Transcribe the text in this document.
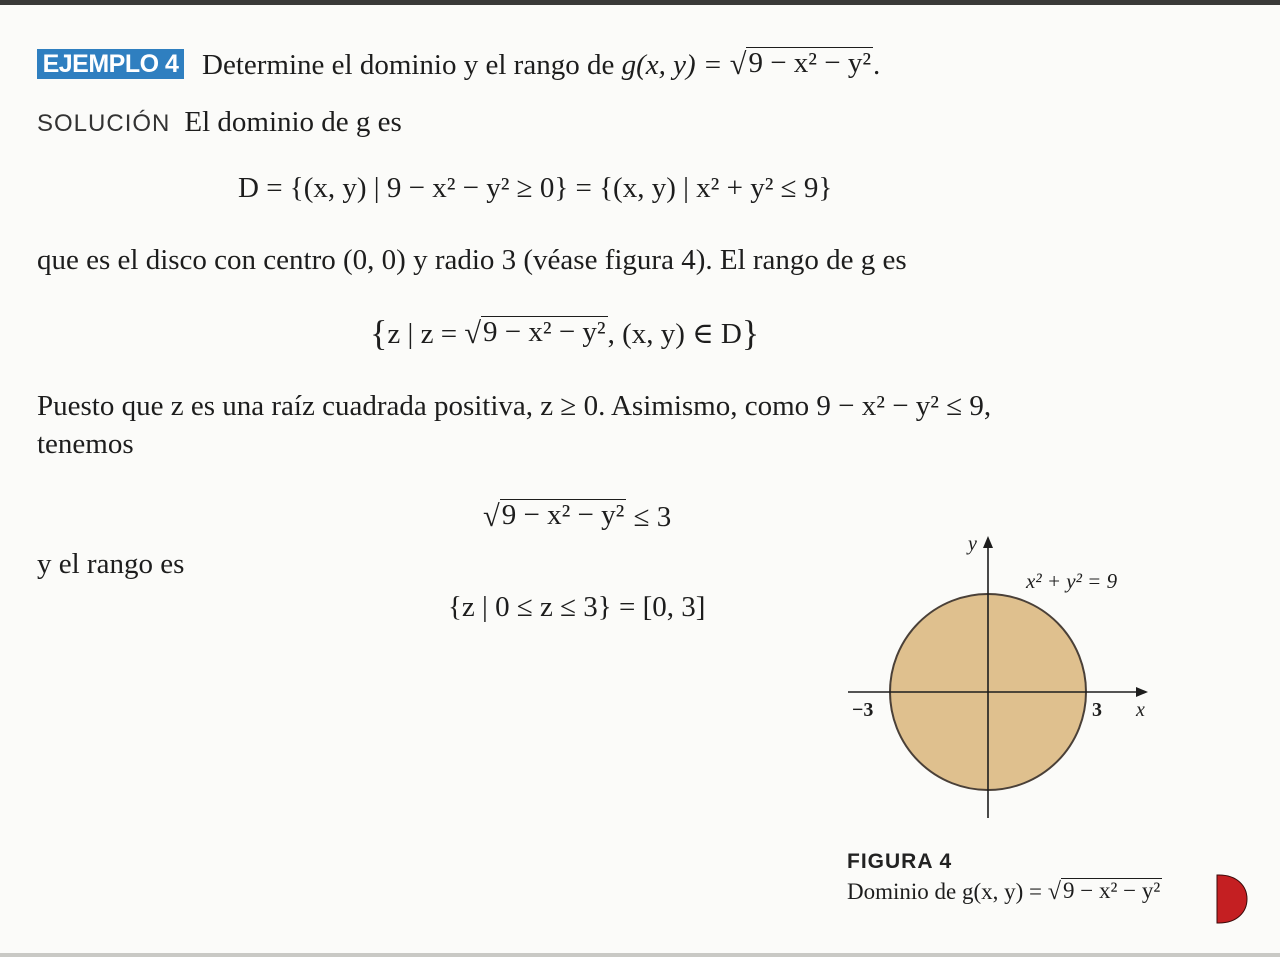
EJEMPLO 4 Determine el dominio y el rango de g(x, y) = √ 9 − x² − y² .
SOLUCIÓN El dominio de g es
D = {(x, y) | 9 − x² − y² ≥ 0} = {(x, y) | x² + y² ≤ 9}
que es el disco con centro (0, 0) y radio 3 (véase figura 4). El rango de g es
{z | z = √ 9 − x² − y² , (x, y) ∈ D}
Puesto que z es una raíz cuadrada positiva, z ≥ 0. Asimismo, como 9 − x² − y² ≤ 9,
tenemos
√ 9 − x² − y² ≤ 3
y el rango es
{z | 0 ≤ z ≤ 3} = [0, 3]
y
x
−3	3
x² + y² = 9
FIGURA 4
Dominio de g(x, y) = √ 9 − x² − y²
